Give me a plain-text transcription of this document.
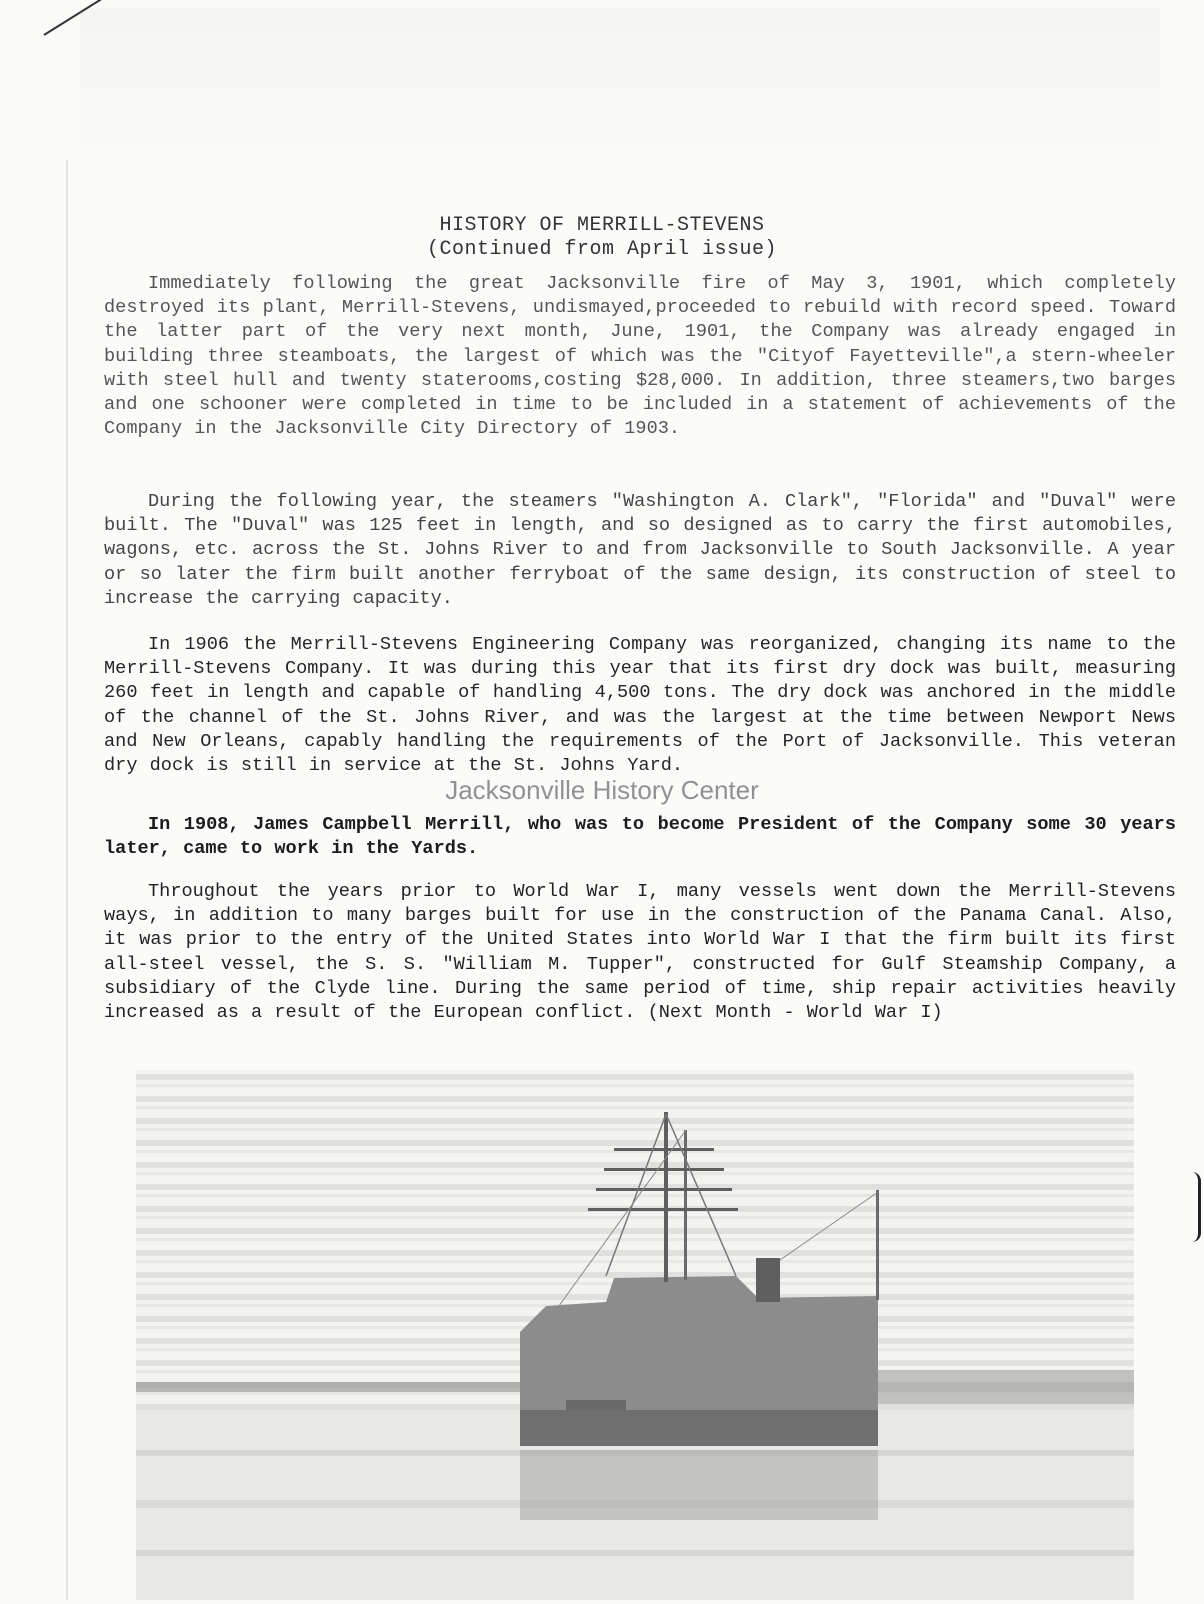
HISTORY OF MERRILL-STEVENS
(Continued from April issue)

Immediately following the great Jacksonville fire of May 3, 1901, which completely destroyed its plant, Merrill-Stevens, undismayed,proceeded to rebuild with record speed. Toward the latter part of the very next month, June, 1901, the Company was already engaged in building three steamboats, the largest of which was the "Cityof Fayetteville",a stern-wheeler with steel hull and twenty staterooms,costing $28,000. In addition, three steamers,two barges and one schooner were completed in time to be included in a statement of achievements of the Company in the Jacksonville City Directory of 1903.

During the following year, the steamers "Washington A. Clark", "Florida" and "Duval" were built. The "Duval" was 125 feet in length, and so designed as to carry the first automobiles, wagons, etc. across the St. Johns River to and from Jacksonville to South Jacksonville. A year or so later the firm built another ferryboat of the same design, its construction of steel to increase the carrying capacity.

In 1906 the Merrill-Stevens Engineering Company was reorganized, changing its name to the Merrill-Stevens Company. It was during this year that its first dry dock was built, measuring 260 feet in length and capable of handling 4,500 tons. The dry dock was anchored in the middle of the channel of the St. Johns River, and was the largest at the time between Newport News and New Orleans, capably handling the requirements of the Port of Jacksonville. This veteran dry dock is still in service at the St. Johns Yard.

In 1908, James Campbell Merrill, who was to become President of the Company some 30 years later, came to work in the Yards.

Throughout the years prior to World War I, many vessels went down the Merrill-Stevens ways, in addition to many barges built for use in the construction of the Panama Canal. Also, it was prior to the entry of the United States into World War I that the firm built its first all-steel vessel, the S. S. "William M. Tupper", constructed for Gulf Steamship Company, a subsidiary of the Clyde line. During the same period of time, ship repair activities heavily increased as a result of the European conflict. (Next Month - World War I)

Jacksonville History Center
